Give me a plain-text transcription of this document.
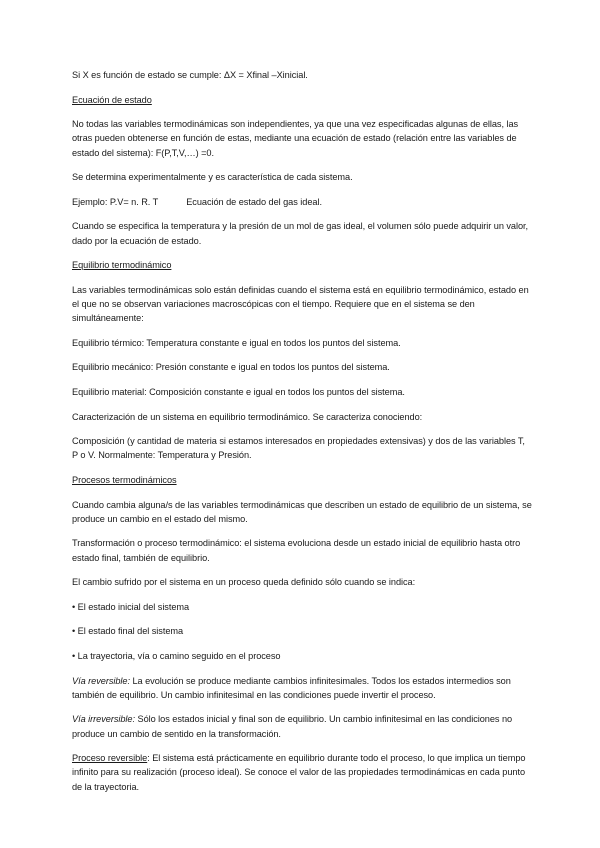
Si X es función de estado se cumple: ΔX = Xfinal –Xinicial.

Ecuación de estado

No todas las variables termodinámicas son independientes, ya que una vez especificadas algunas de ellas, las otras pueden obtenerse en función de estas, mediante una ecuación de estado (relación entre las variables de estado del sistema): F(P,T,V,…) =0.

Se determina experimentalmente y es característica de cada sistema.

Ejemplo: P.V= n. R. T	Ecuación de estado del gas ideal.

Cuando se especifica la temperatura y la presión de un mol de gas ideal, el volumen sólo puede adquirir un valor, dado por la ecuación de estado.

Equilibrio termodinámico

Las variables termodinámicas solo están definidas cuando el sistema está en equilibrio termodinámico, estado en el que no se observan variaciones macroscópicas con el tiempo. Requiere que en el sistema se den simultáneamente:

Equilibrio térmico: Temperatura constante e igual en todos los puntos del sistema.

Equilibrio mecánico: Presión constante e igual en todos los puntos del sistema.

Equilibrio material: Composición constante e igual en todos los puntos del sistema.

Caracterización de un sistema en equilibrio termodinámico. Se caracteriza conociendo:

Composición (y cantidad de materia si estamos interesados en propiedades extensivas) y dos de las variables T, P o V. Normalmente: Temperatura y Presión.

Procesos termodinámicos

Cuando cambia alguna/s de las variables termodinámicas que describen un estado de equilibrio de un sistema, se produce un cambio en el estado del mismo.

Transformación o proceso termodinámico: el sistema evoluciona desde un estado inicial de equilibrio hasta otro estado final, también de equilibrio.

El cambio sufrido por el sistema en un proceso queda definido sólo cuando se indica:

• El estado inicial del sistema

• El estado final del sistema

• La trayectoria, vía o camino seguido en el proceso

Vía reversible: La evolución se produce mediante cambios infinitesimales. Todos los estados intermedios son también de equilibrio. Un cambio infinitesimal en las condiciones puede invertir el proceso.

Vía irreversible: Sólo los estados inicial y final son de equilibrio. Un cambio infinitesimal en las condiciones no produce un cambio de sentido en la transformación.

Proceso reversible: El sistema está prácticamente en equilibrio durante todo el proceso, lo que implica un tiempo infinito para su realización (proceso ideal). Se conoce el valor de las propiedades termodinámicas en cada punto de la trayectoria.
